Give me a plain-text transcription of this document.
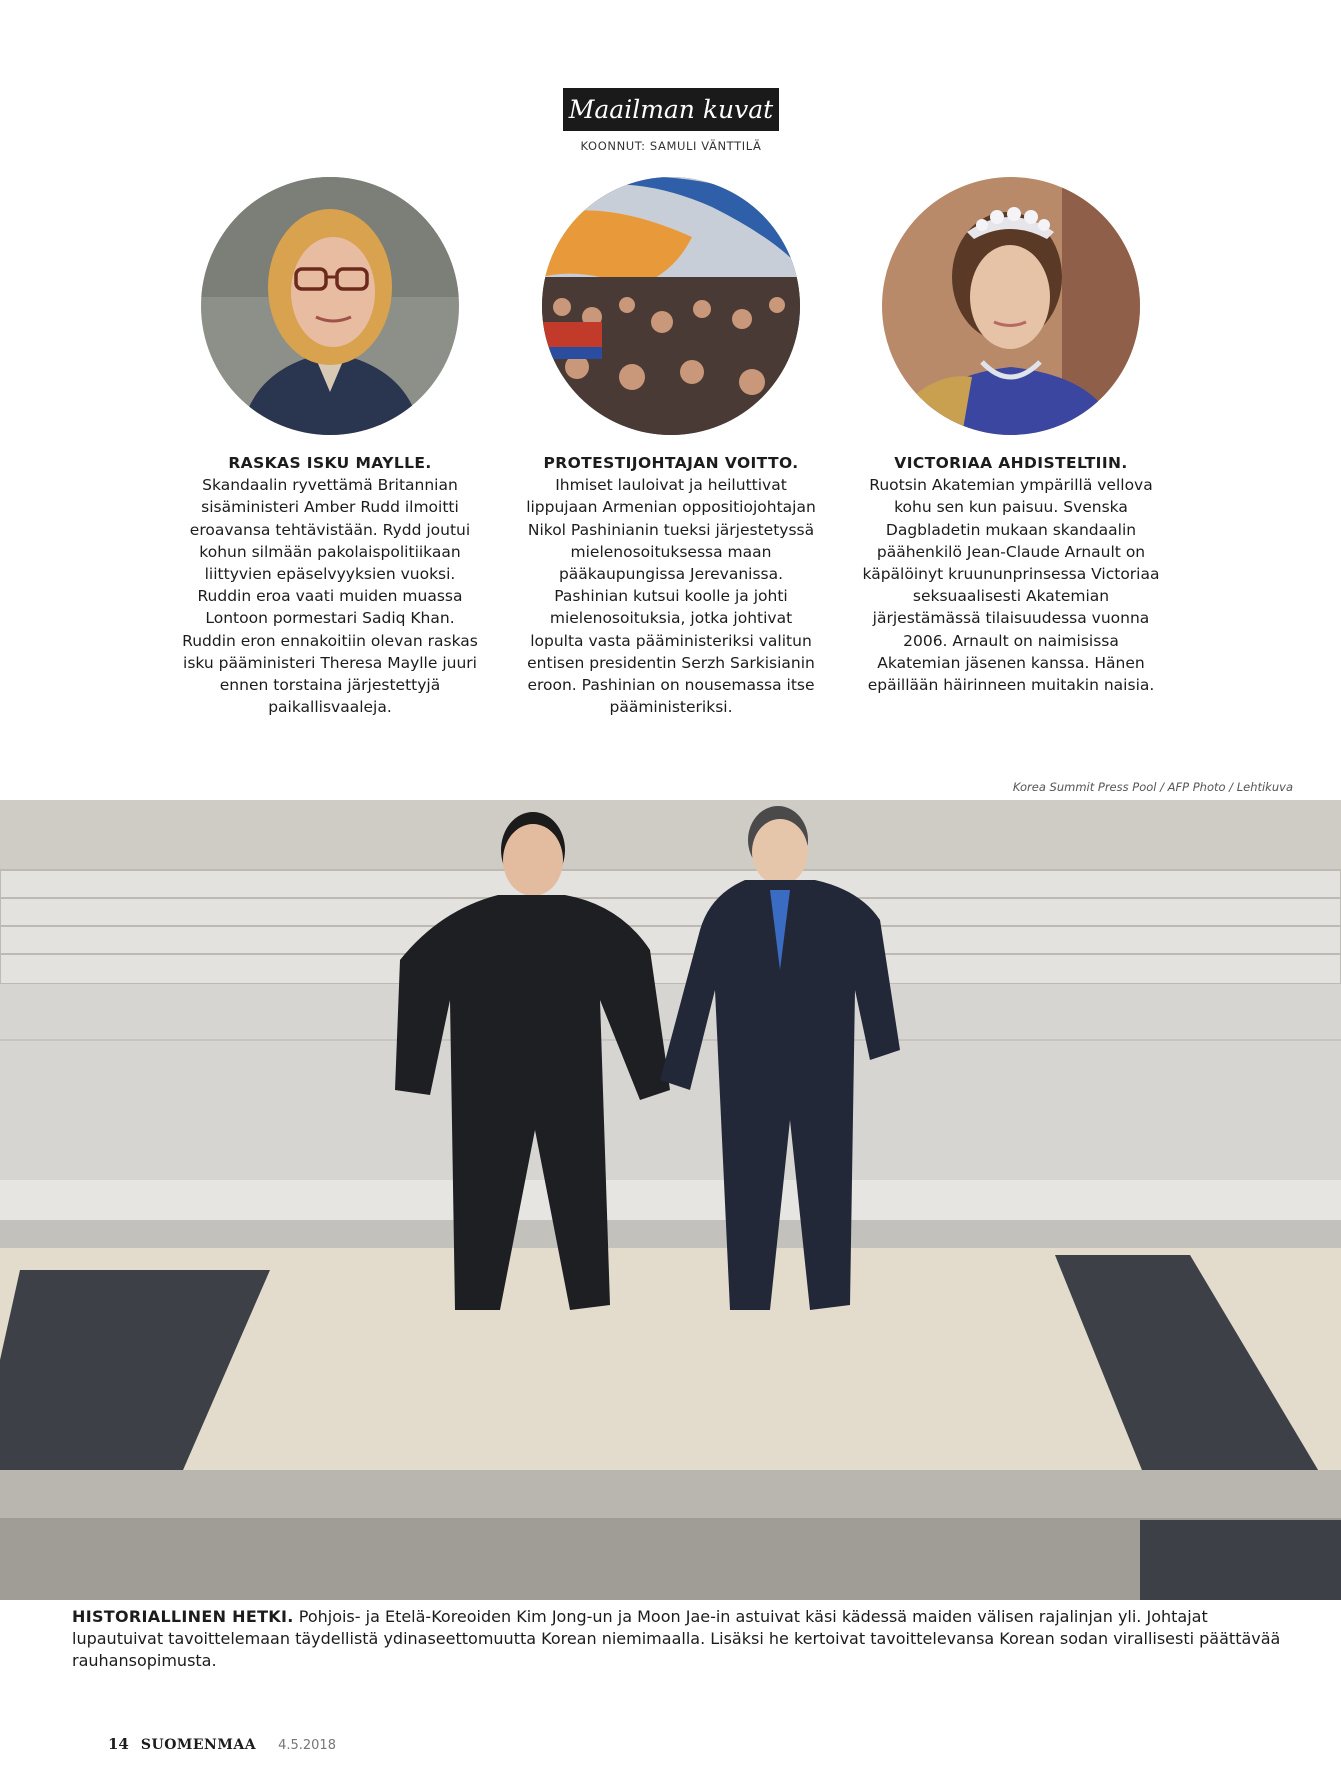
Maailman kuvat
KOONNUT: SAMULI VÄNTTILÄ
RASKAS ISKU MAYLLE.
Skandaalin ryvettämä Britannian sisäministeri Amber Rudd ilmoitti eroavansa tehtävistään. Rydd joutui kohun silmään pakolaispolitiikaan liittyvien epäselvyyksien vuoksi. Ruddin eroa vaati muiden muassa Lontoon pormestari Sadiq Khan. Ruddin eron ennakoitiin olevan raskas isku pääministeri Theresa Maylle juuri ennen torstaina järjestettyjä paikallisvaaleja.
PROTESTIJOHTAJAN VOITTO.
Ihmiset lauloivat ja heiluttivat lippujaan Armenian oppositiojohtajan Nikol Pashinianin tueksi järjestetyssä mielenosoituksessa maan pääkaupungissa Jerevanissa. Pashinian kutsui koolle ja johti mielenosoituksia, jotka johtivat lopulta vasta pääministeriksi valitun entisen presidentin Serzh Sarkisianin eroon. Pashinian on nousemassa itse pääministeriksi.
VICTORIAA AHDISTELTIIN.
Ruotsin Akatemian ympärillä vellova kohu sen kun paisuu. Svenska Dagbladetin mukaan skandaalin päähenkilö Jean-Claude Arnault on käpälöinyt kruununprinsessa Victoriaa seksuaalisesti Akatemian järjestämässä tilaisuudessa vuonna 2006. Arnault on naimisissa Akatemian jäsenen kanssa. Hänen epäillään häirinneen muitakin naisia.
Korea Summit Press Pool / AFP Photo / Lehtikuva
HISTORIALLINEN HETKI. Pohjois- ja Etelä-Koreoiden Kim Jong-un ja Moon Jae-in astuivat käsi kädessä maiden välisen rajalinjan yli. Johtajat lupautuivat tavoittelemaan täydellistä ydinaseettomuutta Korean niemimaalla. Lisäksi he kertoivat tavoittelevansa Korean sodan virallisesti päättävää rauhansopimusta.
14 SUOMENMAA 4.5.2018
